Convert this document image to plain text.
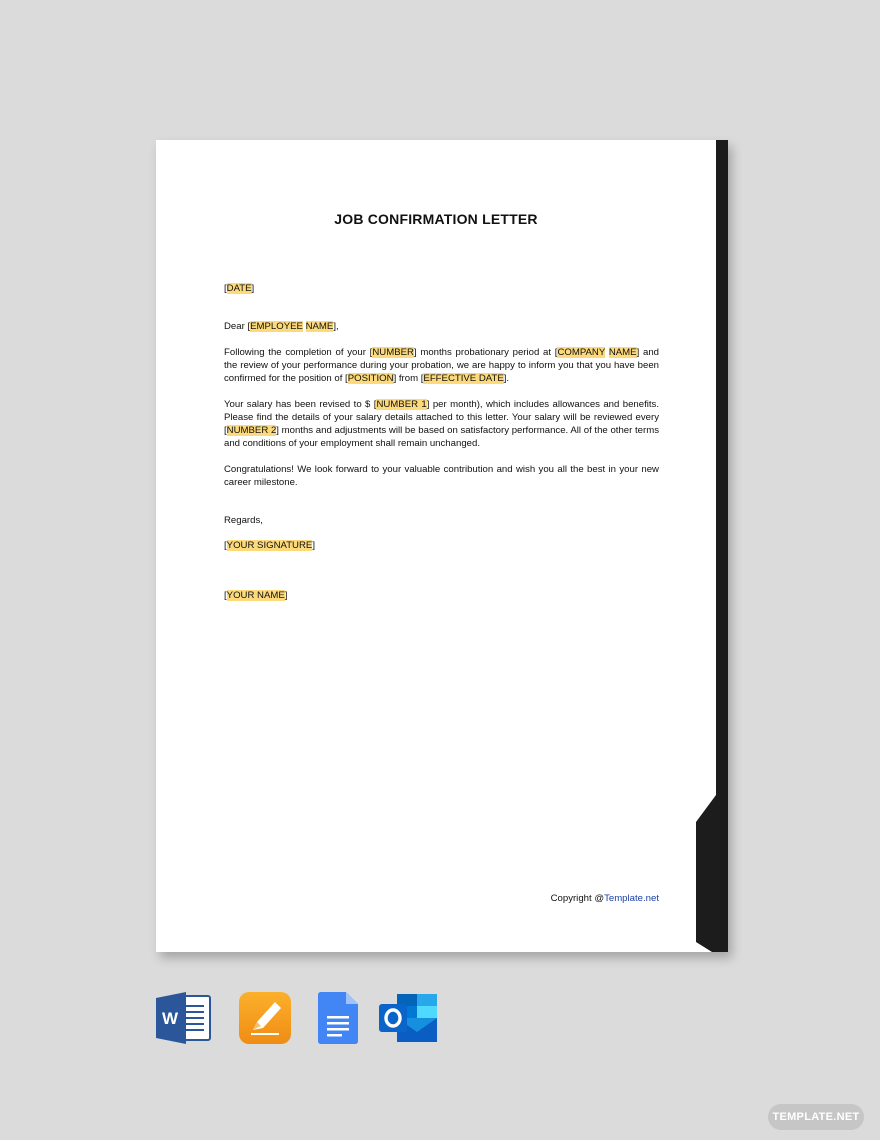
JOB CONFIRMATION LETTER
[DATE]
Dear [EMPLOYEE NAME],
Following the completion of your [NUMBER] months probationary period at [COMPANY NAME] and the review of your performance during your probation, we are happy to inform you that you have been confirmed for the position of [POSITION] from [EFFECTIVE DATE].
Your salary has been revised to $ [NUMBER 1] per month), which includes allowances and benefits. Please find the details of your salary details attached to this letter. Your salary will be reviewed every [NUMBER 2] months and adjustments will be based on satisfactory performance. All of the other terms and conditions of your employment shall remain unchanged.
Congratulations! We look forward to your valuable contribution and wish you all the best in your new career milestone.
Regards,
[YOUR SIGNATURE]
[YOUR NAME]
Copyright @Template.net
W
TEMPLATE.NET
